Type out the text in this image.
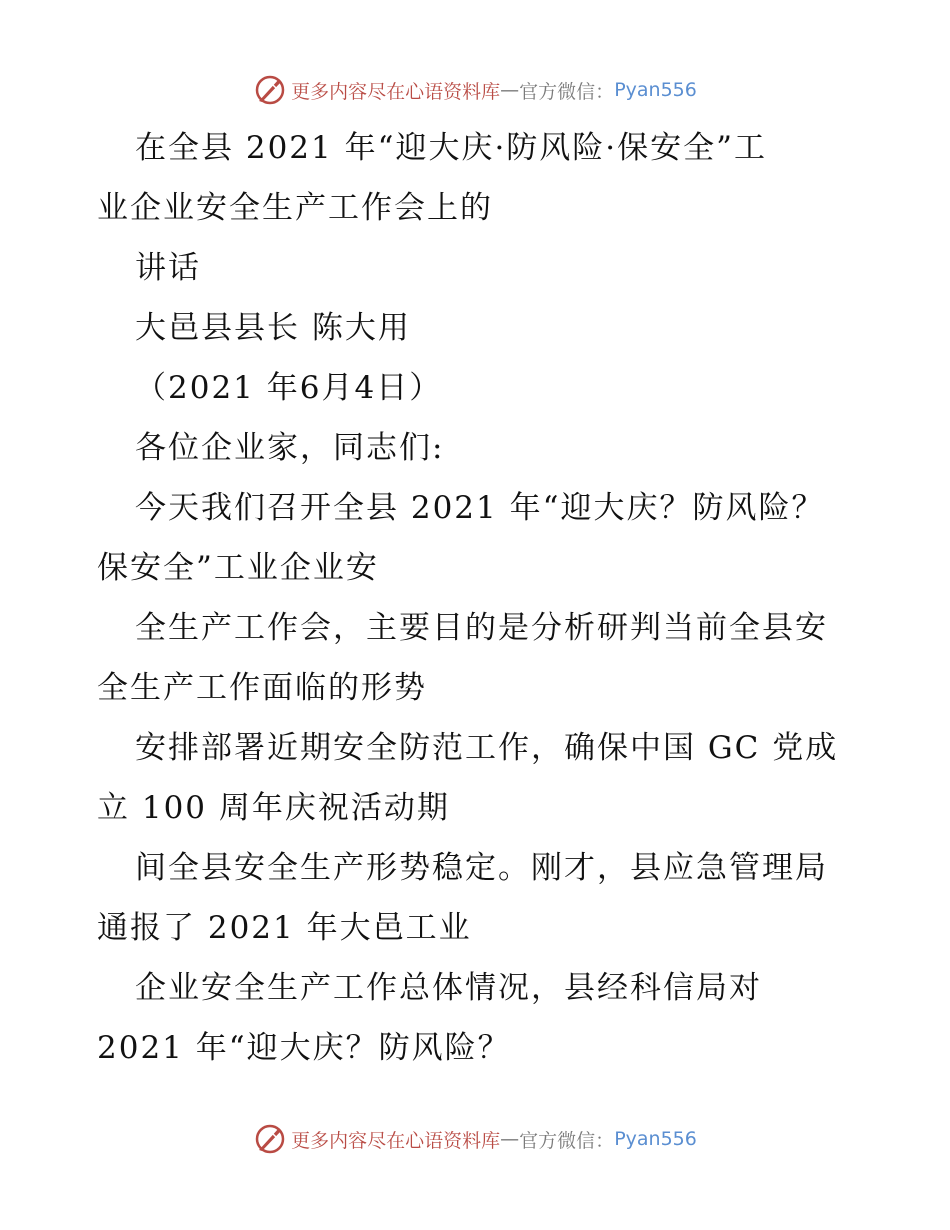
更多内容尽在心语资料库 — 官方微信： Pyan556
在全县 2021 年“迎大庆·防风险·保安全”工
业企业安全生产工作会上的
讲话
大邑县县长 陈大用
（2021 年6月4日）
各位企业家，同志们:
今天我们召开全县 2021 年“迎大庆？防风险？
保安全”工业企业安
全生产工作会，主要目的是分析研判当前全县安
全生产工作面临的形势
安排部署近期安全防范工作，确保中国 GC 党成
立 100 周年庆祝活动期
间全县安全生产形势稳定。刚才，县应急管理局
通报了 2021 年大邑工业
企业安全生产工作总体情况，县经科信局对
2021 年“迎大庆？防风险？
更多内容尽在心语资料库 — 官方微信： Pyan556
